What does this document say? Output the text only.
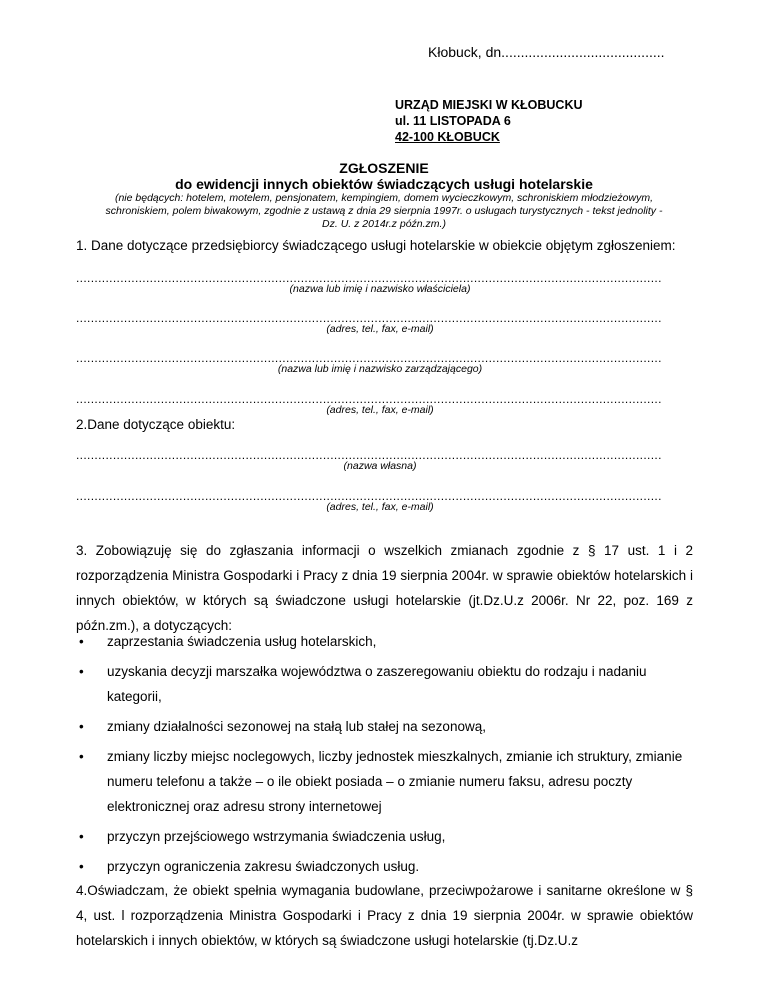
Kłobuck, dn..........................................
URZĄD MIEJSKI W KŁOBUCKU
ul. 11 LISTOPADA 6
42-100 KŁOBUCK
ZGŁOSZENIE
do ewidencji innych obiektów świadczących usługi hotelarskie
(nie będących: hotelem, motelem, pensjonatem, kempingiem, domem wycieczkowym, schroniskiem młodzieżowym,
schroniskiem, polem biwakowym, zgodnie z ustawą z dnia 29 sierpnia 1997r. o usługach turystycznych - tekst jednolity -
Dz. U. z 2014r.z późn.zm.)
1. Dane dotyczące przedsiębiorcy świadczącego usługi hotelarskie w obiekcie objętym zgłoszeniem:
...............................................................................................................................................................
(nazwa lub imię i nazwisko właściciela)
...............................................................................................................................................................
(adres, tel., fax, e-mail)
...............................................................................................................................................................
(nazwa lub imię i nazwisko zarządzającego)
...............................................................................................................................................................
(adres, tel., fax, e-mail)
2.Dane dotyczące obiektu:
...............................................................................................................................................................
(nazwa własna)
...............................................................................................................................................................
(adres, tel., fax, e-mail)
3. Zobowiązuję się do zgłaszania informacji o wszelkich zmianach zgodnie z § 17 ust. 1 i 2 rozporządzenia Ministra Gospodarki i Pracy z dnia 19 sierpnia 2004r. w sprawie obiektów hotelarskich i innych obiektów, w których są świadczone usługi hotelarskie (jt.Dz.U.z 2006r. Nr 22, poz. 169 z późn.zm.), a dotyczących:
• zaprzestania świadczenia usług hotelarskich,
• uzyskania decyzji marszałka województwa o zaszeregowaniu obiektu do rodzaju i nadaniu kategorii,
• zmiany działalności sezonowej na stałą lub stałej na sezonową,
• zmiany liczby miejsc noclegowych, liczby jednostek mieszkalnych, zmianie ich struktury, zmianie numeru telefonu a także – o ile obiekt posiada – o zmianie numeru faksu, adresu poczty elektronicznej oraz adresu strony internetowej
• przyczyn przejściowego wstrzymania świadczenia usług,
• przyczyn ograniczenia zakresu świadczonych usług.
4.Oświadczam, że obiekt spełnia wymagania budowlane, przeciwpożarowe i sanitarne określone w § 4, ust. l rozporządzenia Ministra Gospodarki i Pracy z dnia 19 sierpnia 2004r. w sprawie obiektów hotelarskich i innych obiektów, w których są świadczone usługi hotelarskie (tj.Dz.U.z
